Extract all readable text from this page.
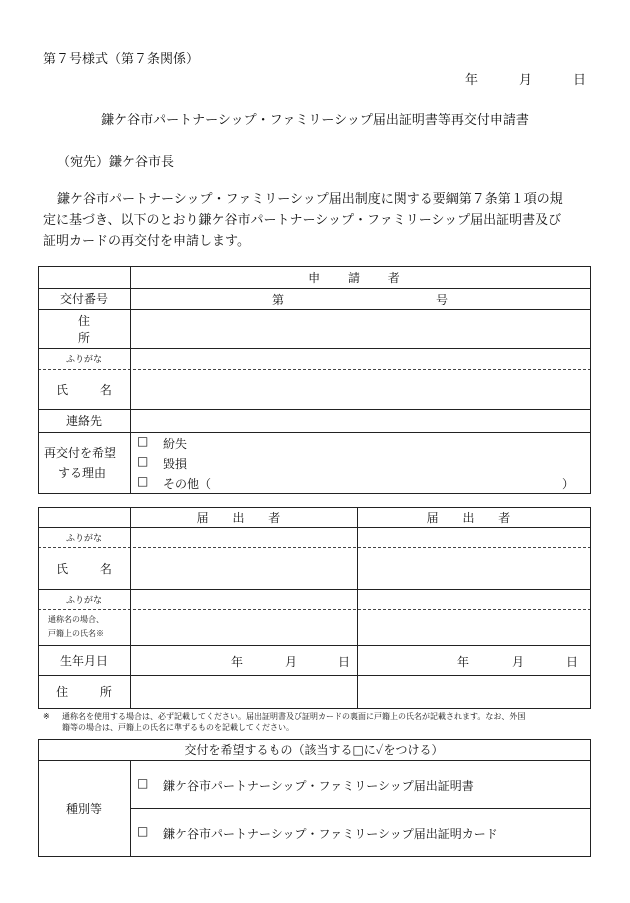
第７号様式（第７条関係）
年	月	日
鎌ケ谷市パートナーシップ・ファミリーシップ届出証明書等再交付申請書
（宛先）鎌ケ谷市長
鎌ケ谷市パートナーシップ・ファミリーシップ届出制度に関する要綱第７条第１項の規
定に基づき、以下のとおり鎌ケ谷市パートナーシップ・ファミリーシップ届出証明書及び
証明カードの再交付を申請します。
申 請 者
交付番号	第	号
住 所
ふりがな
氏 名
連絡先
再交付を希望
する理由
□ 紛失
□ 毀損
□ その他（	）
届 出 者	届 出 者
ふりがな
氏 名
ふりがな
通称名の場合、
戸籍上の氏名※
生年月日	年	月	日	年	月	日
住 所
※ 通称名を使用する場合は、必ず記載してください。届出証明書及び証明カードの裏面に戸籍上の氏名が記載されます。なお、外国
籍等の場合は、戸籍上の氏名に準ずるものを記載してください。
交付を希望するもの（該当する□に✓をつける）
種別等
□ 鎌ケ谷市パートナーシップ・ファミリーシップ届出証明書
□ 鎌ケ谷市パートナーシップ・ファミリーシップ届出証明カード
